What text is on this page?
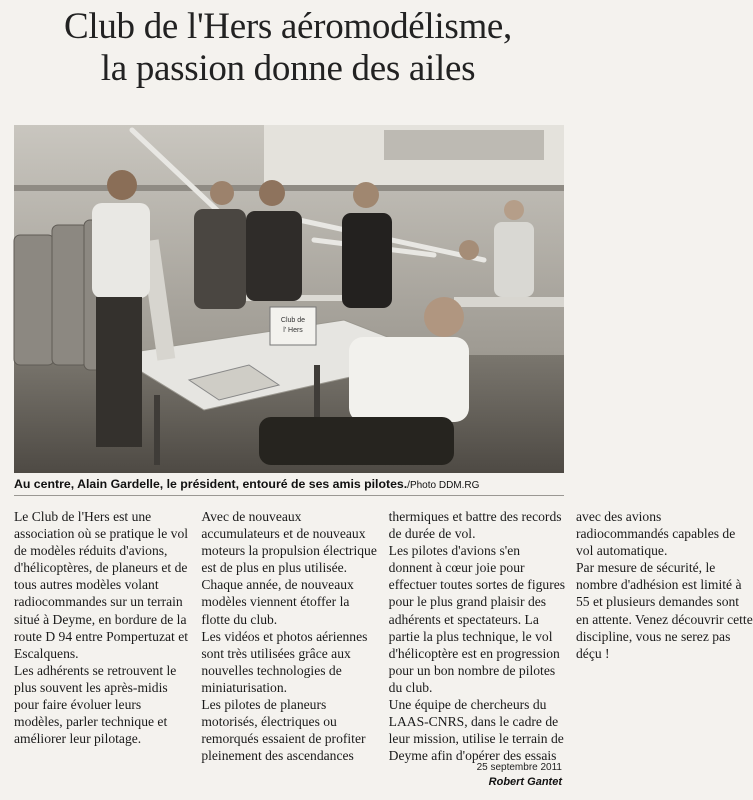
Club de l'Hers aéromodélisme,
la passion donne des ailes
Club de
l' Hers
Au centre, Alain Gardelle, le président, entouré de ses amis pilotes./Photo DDM.RG

Le Club de l'Hers est une association où se pratique le vol de modèles réduits d'avions, d'hélicoptères, de planeurs et de tous autres modèles volant radiocommandes sur un terrain situé à Deyme, en bordure de la route D 94 entre Pompertuzat et Escalquens.

Les adhérents se retrouvent le plus souvent les après-midis pour faire évoluer leurs modèles, parler technique et améliorer leur pilotage.

Avec de nouveaux accumulateurs et de nouveaux moteurs la propulsion électrique est de plus en plus utilisée. Chaque année, de nouveaux modèles viennent étoffer la flotte du club.

Les vidéos et photos aériennes sont très utilisées grâce aux nouvelles technologies de miniaturisation.

Les pilotes de planeurs motorisés, électriques ou remorqués essaient de profiter pleinement des ascendances thermiques et battre des records de durée de vol.

Les pilotes d'avions s'en donnent à cœur joie pour effectuer toutes sortes de figures pour le plus grand plaisir des adhérents et spectateurs. La partie la plus technique, le vol d'hélicoptère est en progression pour un bon nombre de pilotes du club.

Une équipe de chercheurs du LAAS-CNRS, dans le cadre de leur mission, utilise le terrain de Deyme afin d'opérer des essais avec des avions radiocommandés capables de vol automatique.

Par mesure de sécurité, le nombre d'adhésion est limité à 55 et plusieurs demandes sont en attente. Venez découvrir cette discipline, vous ne serez pas déçu !

25 septembre 2011
Robert Gantet
